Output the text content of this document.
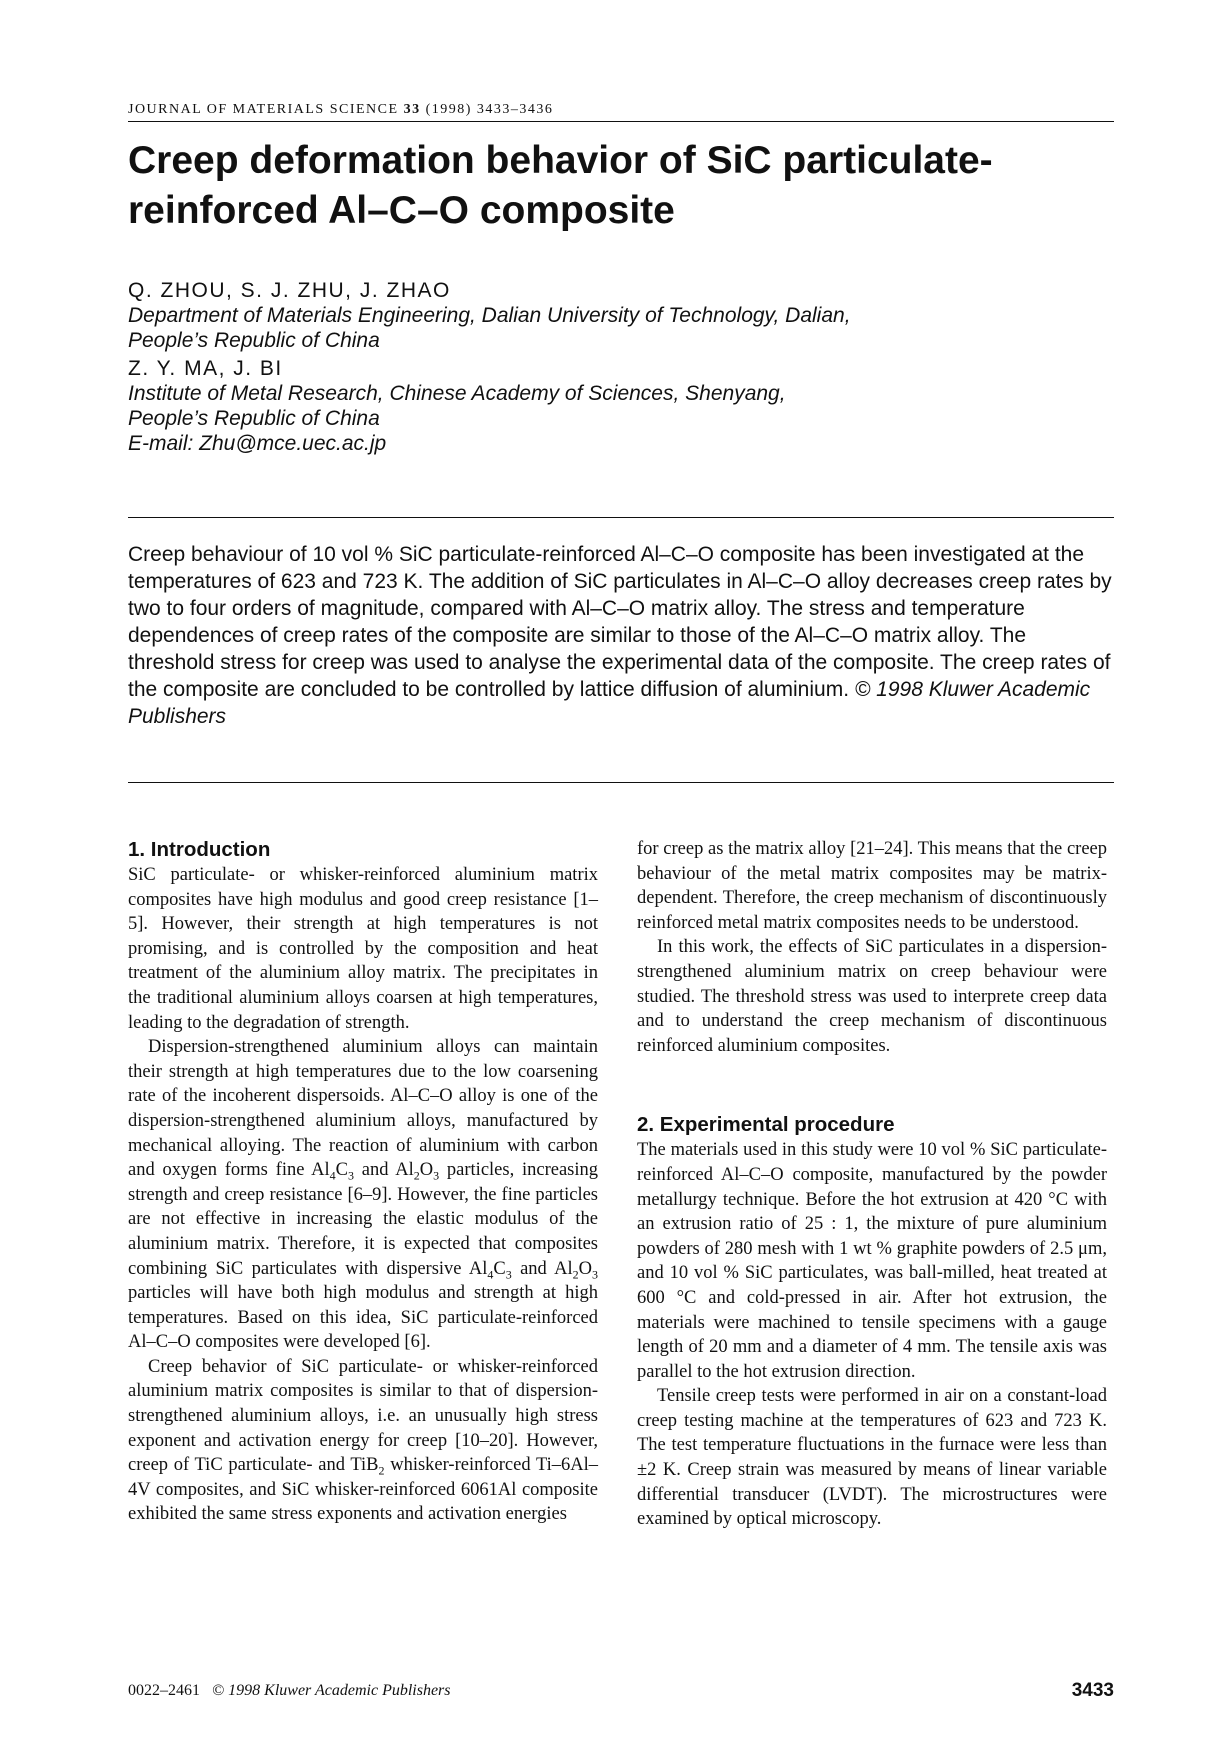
JOURNAL OF MATERIALS SCIENCE 33 (1998) 3433–3436
Creep deformation behavior of SiC particulate-reinforced Al–C–O composite
Q. ZHOU, S. J. ZHU, J. ZHAO
Department of Materials Engineering, Dalian University of Technology, Dalian,
People’s Republic of China
Z. Y. MA, J. BI
Institute of Metal Research, Chinese Academy of Sciences, Shenyang,
People’s Republic of China
E-mail: Zhu@mce.uec.ac.jp
Creep behaviour of 10 vol % SiC particulate-reinforced Al–C–O composite has been investigated at the temperatures of 623 and 723 K. The addition of SiC particulates in Al–C–O alloy decreases creep rates by two to four orders of magnitude, compared with Al–C–O matrix alloy. The stress and temperature dependences of creep rates of the composite are similar to those of the Al–C–O matrix alloy. The threshold stress for creep was used to analyse the experimental data of the composite. The creep rates of the composite are concluded to be controlled by lattice diffusion of aluminium. © 1998 Kluwer Academic Publishers
1. Introduction

SiC particulate- or whisker-reinforced aluminium matrix composites have high modulus and good creep resistance [1–5]. However, their strength at high temperatures is not promising, and is controlled by the composition and heat treatment of the aluminium alloy matrix. The precipitates in the traditional aluminium alloys coarsen at high temperatures, leading to the degradation of strength.

Dispersion-strengthened aluminium alloys can maintain their strength at high temperatures due to the low coarsening rate of the incoherent dispersoids. Al–C–O alloy is one of the dispersion-strengthened aluminium alloys, manufactured by mechanical alloying. The reaction of aluminium with carbon and oxygen forms fine $Al_4C_3$ and $Al_2O_3$ particles, increasing strength and creep resistance [6–9]. However, the fine particles are not effective in increasing the elastic modulus of the aluminium matrix. Therefore, it is expected that composites combining SiC particulates with dispersive $Al_4C_3$ and $Al_2O_3$ particles will have both high modulus and strength at high temperatures. Based on this idea, SiC particulate-reinforced Al–C–O composites were developed [6].

Creep behavior of SiC particulate- or whisker-reinforced aluminium matrix composites is similar to that of dispersion-strengthened aluminium alloys, i.e. an unusually high stress exponent and activation energy for creep [10–20]. However, creep of TiC particulate- and TiB$_2$ whisker-reinforced Ti–6Al–4V composites, and SiC whisker-reinforced 6061Al composite exhibited the same stress exponents and activation energies

for creep as the matrix alloy [21–24]. This means that the creep behaviour of the metal matrix composites may be matrix-dependent. Therefore, the creep mechanism of discontinuously reinforced metal matrix composites needs to be understood.

In this work, the effects of SiC particulates in a dispersion-strengthened aluminium matrix on creep behaviour were studied. The threshold stress was used to interprete creep data and to understand the creep mechanism of discontinuous reinforced aluminium composites.

2. Experimental procedure

The materials used in this study were 10 vol % SiC particulate-reinforced Al–C–O composite, manufactured by the powder metallurgy technique. Before the hot extrusion at 420 °C with an extrusion ratio of 25 : 1, the mixture of pure aluminium powders of 280 mesh with 1 wt % graphite powders of 2.5 μm, and 10 vol % SiC particulates, was ball-milled, heat treated at 600 °C and cold-pressed in air. After hot extrusion, the materials were machined to tensile specimens with a gauge length of 20 mm and a diameter of 4 mm. The tensile axis was parallel to the hot extrusion direction.

Tensile creep tests were performed in air on a constant-load creep testing machine at the temperatures of 623 and 723 K. The test temperature fluctuations in the furnace were less than ±2 K. Creep strain was measured by means of linear variable differential transducer (LVDT). The microstructures were examined by optical microscopy.

0022–2461 © 1998 Kluwer Academic Publishers	3433
